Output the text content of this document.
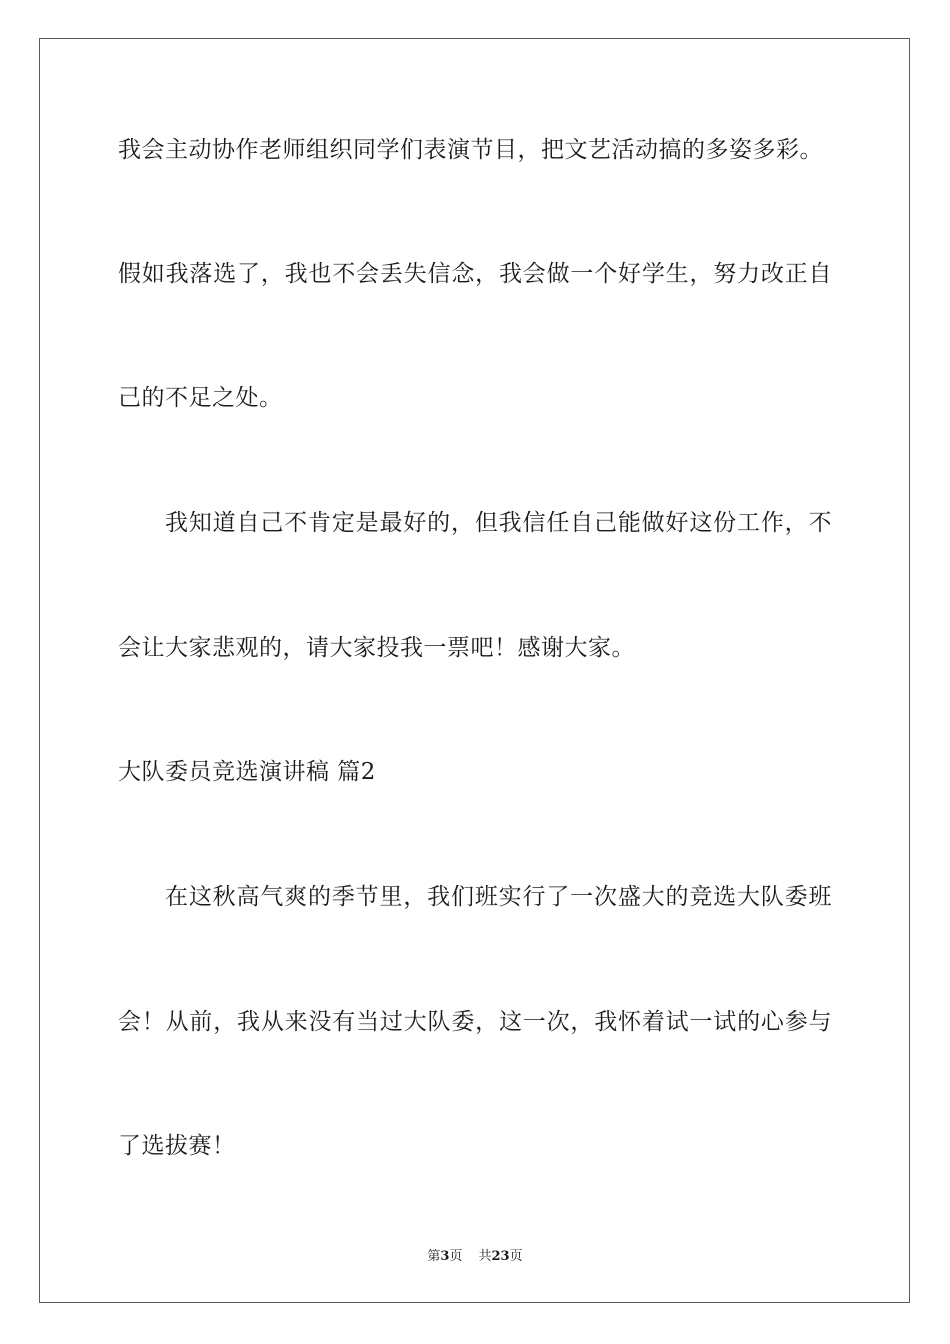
我会主动协作老师组织同学们表演节目，把文艺活动搞的多姿多彩。
假如我落选了，我也不会丢失信念，我会做一个好学生，努力改正自
己的不足之处。
我知道自己不肯定是最好的，但我信任自己能做好这份工作，不
会让大家悲观的，请大家投我一票吧！感谢大家。
大队委员竞选演讲稿 篇2
在这秋高气爽的季节里，我们班实行了一次盛大的竞选大队委班
会！从前，我从来没有当过大队委，这一次，我怀着试一试的心参与
了选拔赛！
第3页 共23页
